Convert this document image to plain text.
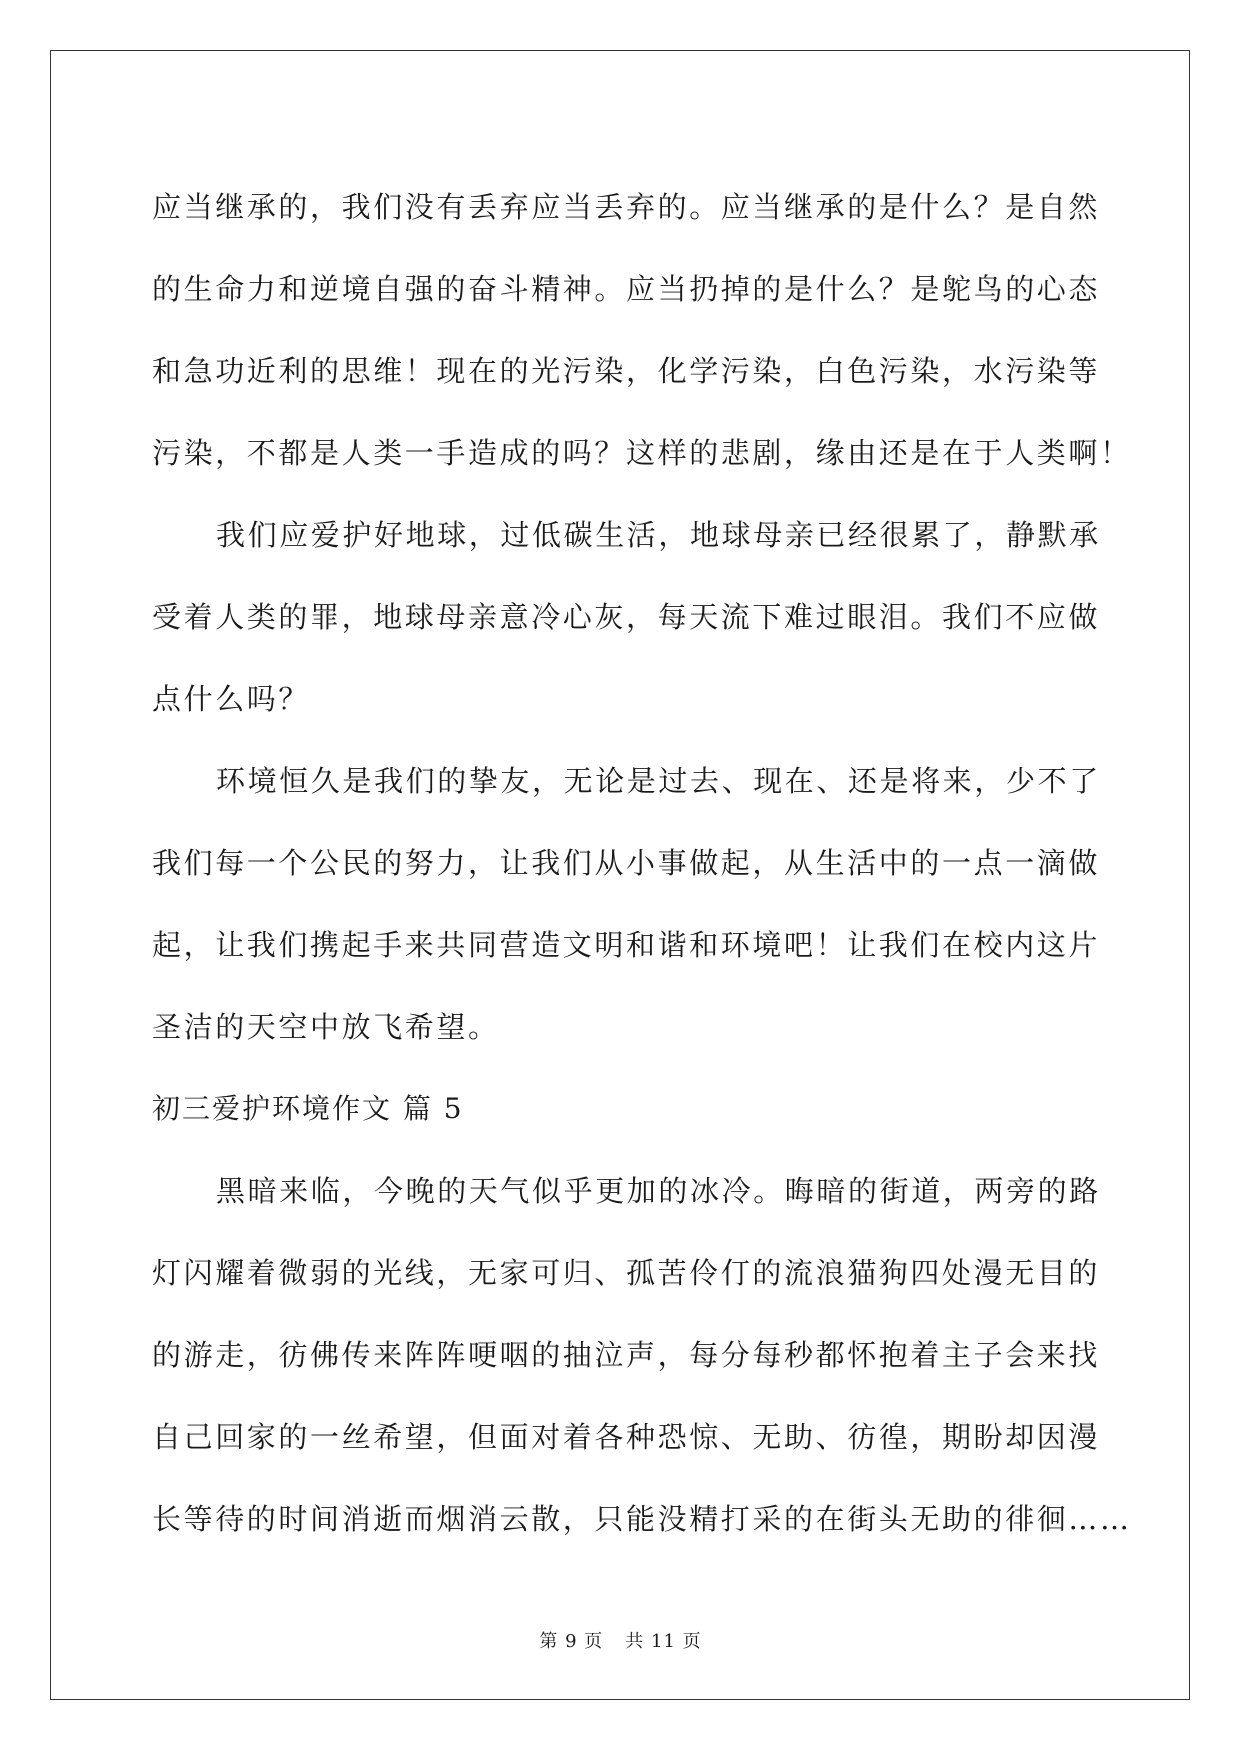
应当继承的，我们没有丢弃应当丢弃的。应当继承的是什么？是自然
的生命力和逆境自强的奋斗精神。应当扔掉的是什么？是鸵鸟的心态
和急功近利的思维！现在的光污染，化学污染，白色污染，水污染等
污染，不都是人类一手造成的吗？这样的悲剧，缘由还是在于人类啊！
我们应爱护好地球，过低碳生活，地球母亲已经很累了，静默承
受着人类的罪，地球母亲意冷心灰，每天流下难过眼泪。我们不应做
点什么吗？
环境恒久是我们的挚友，无论是过去、现在、还是将来，少不了
我们每一个公民的努力，让我们从小事做起，从生活中的一点一滴做
起，让我们携起手来共同营造文明和谐和环境吧！让我们在校内这片
圣洁的天空中放飞希望。
初三爱护环境作文 篇 5
黑暗来临，今晚的天气似乎更加的冰冷。晦暗的街道，两旁的路
灯闪耀着微弱的光线，无家可归、孤苦伶仃的流浪猫狗四处漫无目的
的游走，彷佛传来阵阵哽咽的抽泣声，每分每秒都怀抱着主子会来找
自己回家的一丝希望，但面对着各种恐惊、无助、彷徨，期盼却因漫
长等待的时间消逝而烟消云散，只能没精打采的在街头无助的徘徊……
第 9 页 共 11 页
